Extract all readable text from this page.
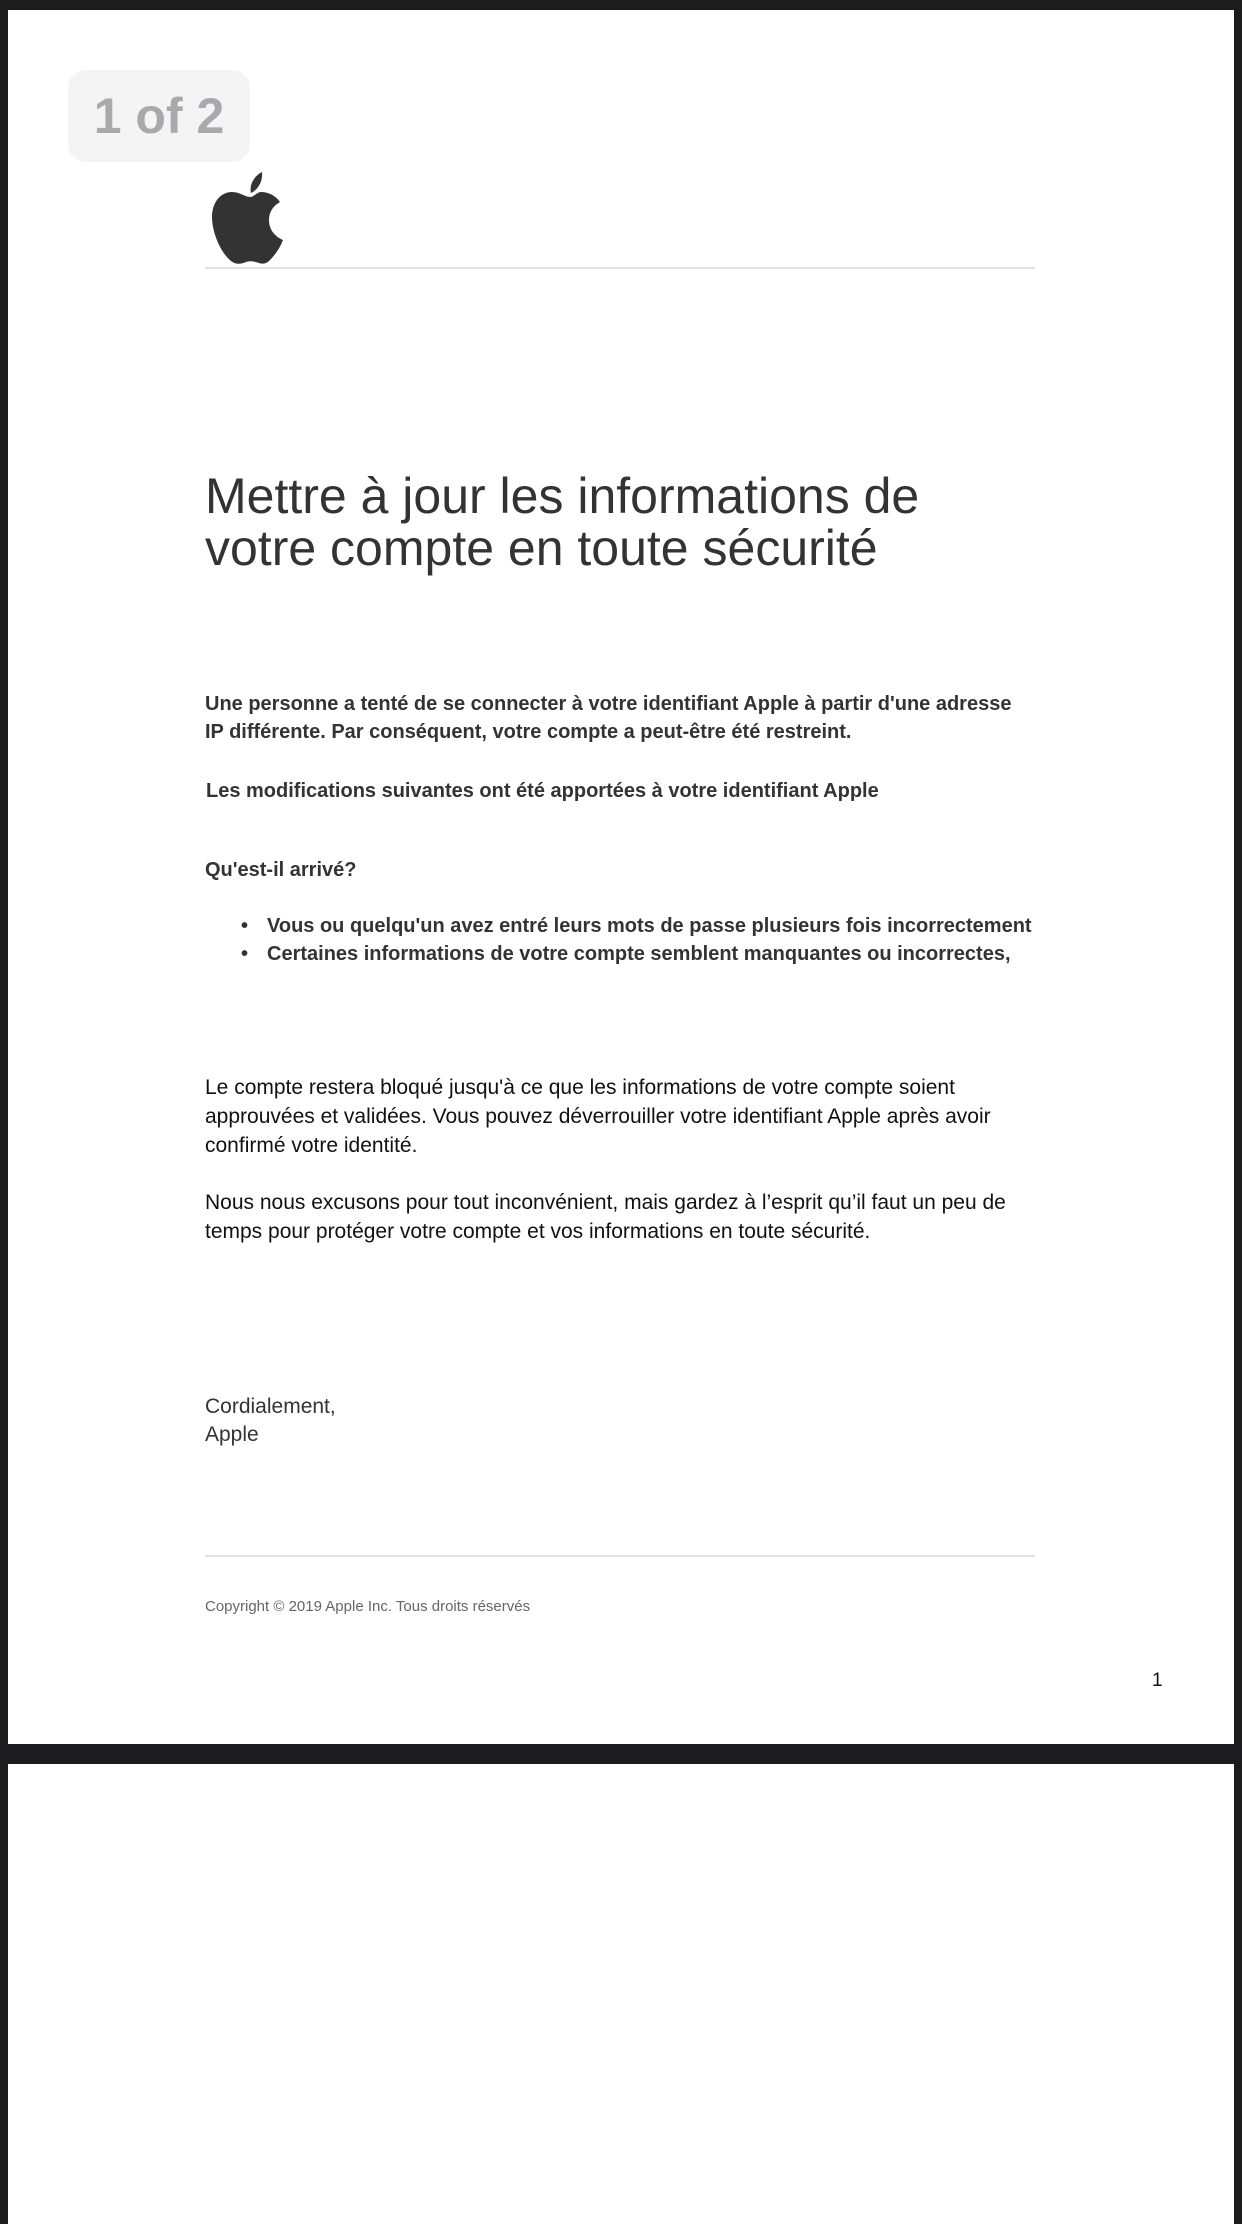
1 of 2
Mettre à jour les informations de
votre compte en toute sécurité

Une personne a tenté de se connecter à votre identifiant Apple à partir d'une adresse
IP différente. Par conséquent, votre compte a peut-être été restreint.

Les modifications suivantes ont été apportées à votre identifiant Apple

Qu'est-il arrivé?

• Vous ou quelqu'un avez entré leurs mots de passe plusieurs fois incorrectement
• Certaines informations de votre compte semblent manquantes ou incorrectes,

Le compte restera bloqué jusqu'à ce que les informations de votre compte soient
approuvées et validées. Vous pouvez déverrouiller votre identifiant Apple après avoir
confirmé votre identité.

Nous nous excusons pour tout inconvénient, mais gardez à l’esprit qu’il faut un peu de
temps pour protéger votre compte et vos informations en toute sécurité.

Cordialement,
Apple
Copyright © 2019 Apple Inc. Tous droits réservés
1
